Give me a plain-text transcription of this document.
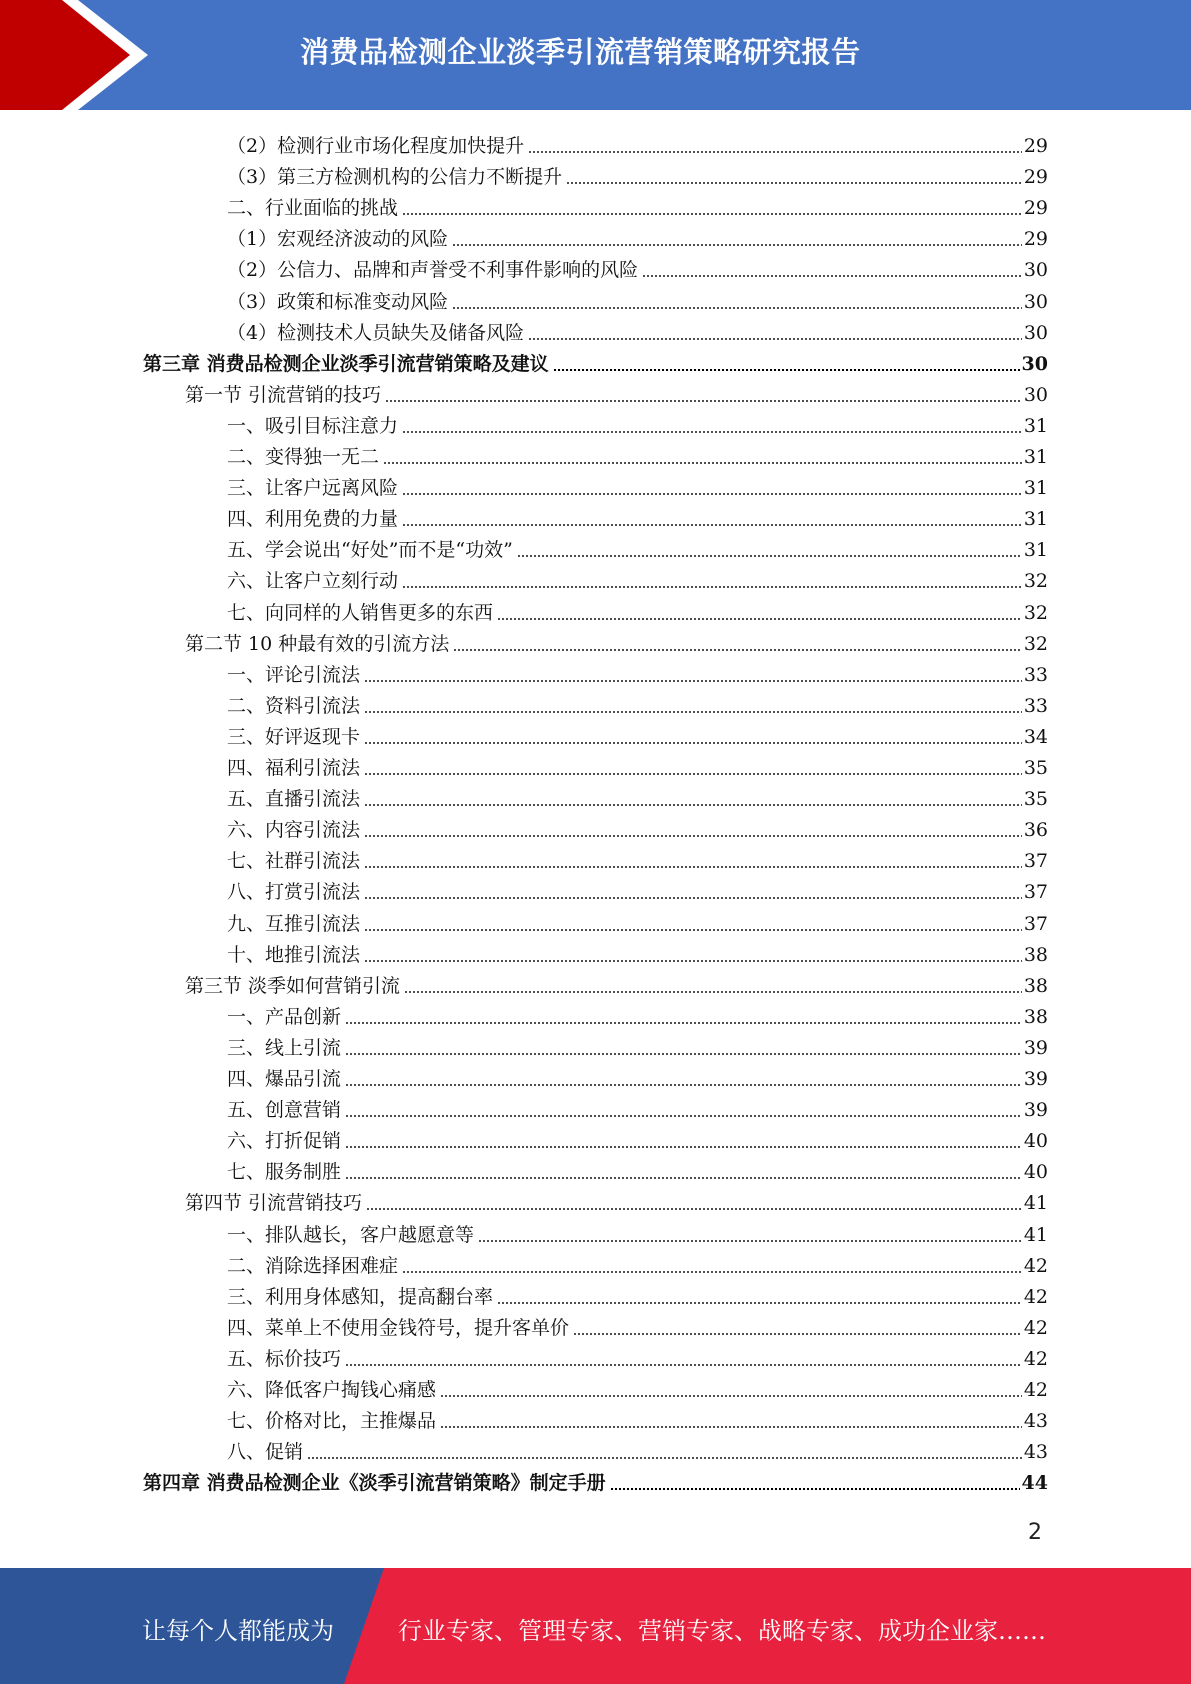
消费品检测企业淡季引流营销策略研究报告
（2）检测行业市场化程度加快提升	29
（3）第三方检测机构的公信力不断提升	29
二、行业面临的挑战	29
（1）宏观经济波动的风险	29
（2）公信力、品牌和声誉受不利事件影响的风险	30
（3）政策和标准变动风险	30
（4）检测技术人员缺失及储备风险	30
第三章 消费品检测企业淡季引流营销策略及建议	30
第一节 引流营销的技巧	30
一、吸引目标注意力	31
二、变得独一无二	31
三、让客户远离风险	31
四、利用免费的力量	31
五、学会说出“好处”而不是“功效”	31
六、让客户立刻行动	32
七、向同样的人销售更多的东西	32
第二节 10 种最有效的引流方法	32
一、评论引流法	33
二、资料引流法	33
三、好评返现卡	34
四、福利引流法	35
五、直播引流法	35
六、内容引流法	36
七、社群引流法	37
八、打赏引流法	37
九、互推引流法	37
十、地推引流法	38
第三节 淡季如何营销引流	38
一、产品创新	38
三、线上引流	39
四、爆品引流	39
五、创意营销	39
六、打折促销	40
七、服务制胜	40
第四节 引流营销技巧	41
一、排队越长，客户越愿意等	41
二、消除选择困难症	42
三、利用身体感知，提高翻台率	42
四、菜单上不使用金钱符号，提升客单价	42
五、标价技巧	42
六、降低客户掏钱心痛感	42
七、价格对比，主推爆品	43
八、促销	43
第四章 消费品检测企业《淡季引流营销策略》制定手册	44
2
让每个人都能成为	行业专家、管理专家、营销专家、战略专家、成功企业家……
